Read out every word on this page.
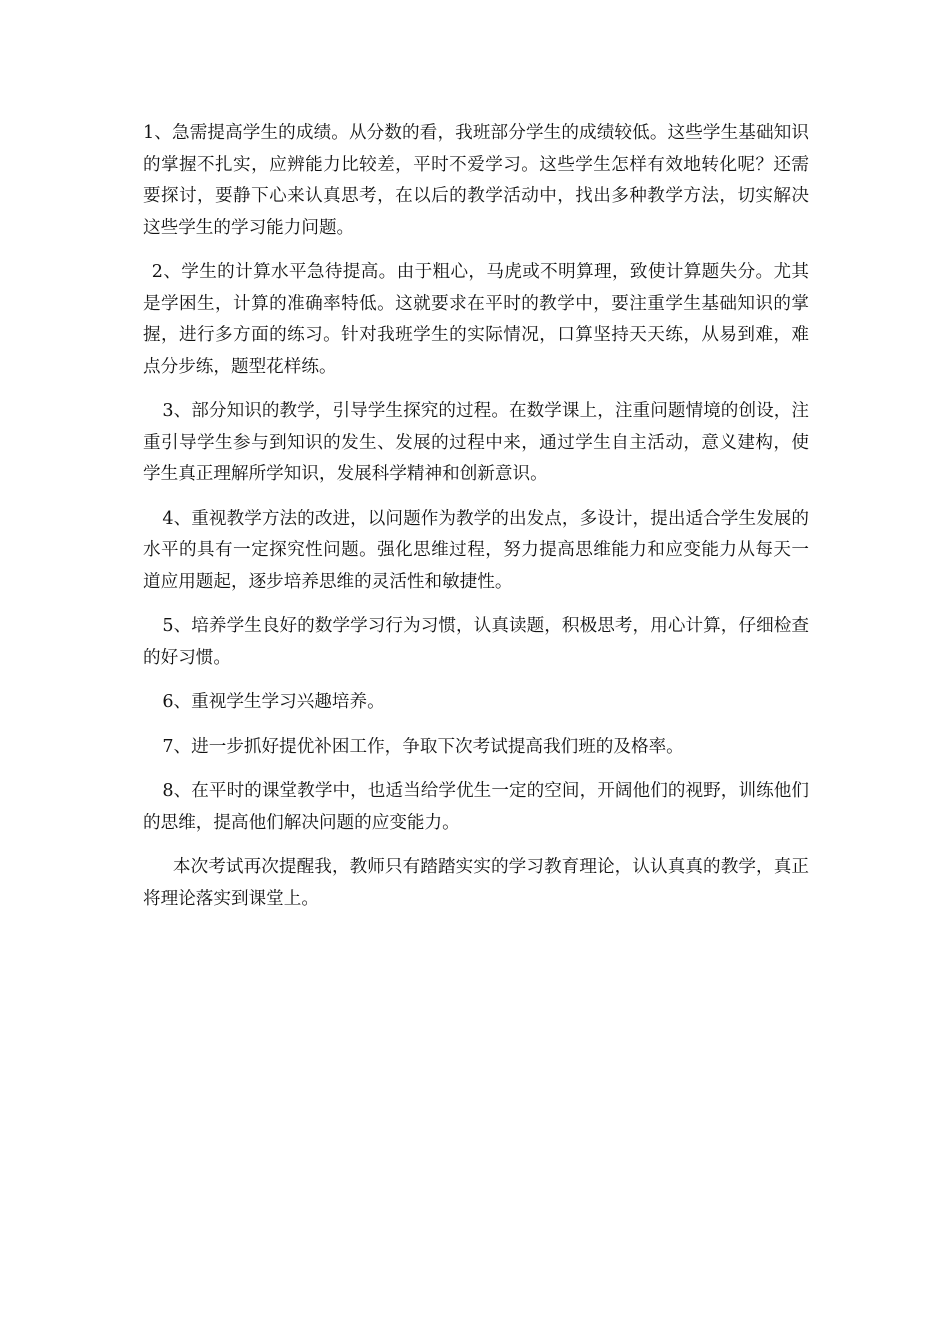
1、急需提高学生的成绩。从分数的看，我班部分学生的成绩较低。这些学生基础知识的掌握不扎实，应辨能力比较差，平时不爱学习。这些学生怎样有效地转化呢？还需要探讨，要静下心来认真思考，在以后的教学活动中，找出多种教学方法，切实解决这些学生的学习能力问题。

2、学生的计算水平急待提高。由于粗心，马虎或不明算理，致使计算题失分。尤其是学困生，计算的准确率特低。这就要求在平时的教学中，要注重学生基础知识的掌握，进行多方面的练习。针对我班学生的实际情况，口算坚持天天练，从易到难，难点分步练，题型花样练。

3、部分知识的教学，引导学生探究的过程。在数学课上，注重问题情境的创设，注重引导学生参与到知识的发生、发展的过程中来，通过学生自主活动，意义建构，使学生真正理解所学知识，发展科学精神和创新意识。

4、重视教学方法的改进，以问题作为教学的出发点，多设计，提出适合学生发展的水平的具有一定探究性问题。强化思维过程，努力提高思维能力和应变能力从每天一道应用题起，逐步培养思维的灵活性和敏捷性。

5、培养学生良好的数学学习行为习惯，认真读题，积极思考，用心计算，仔细检查的好习惯。

6、重视学生学习兴趣培养。

7、进一步抓好提优补困工作，争取下次考试提高我们班的及格率。

8、在平时的课堂教学中，也适当给学优生一定的空间，开阔他们的视野，训练他们的思维，提高他们解决问题的应变能力。

本次考试再次提醒我，教师只有踏踏实实的学习教育理论，认认真真的教学，真正将理论落实到课堂上。
